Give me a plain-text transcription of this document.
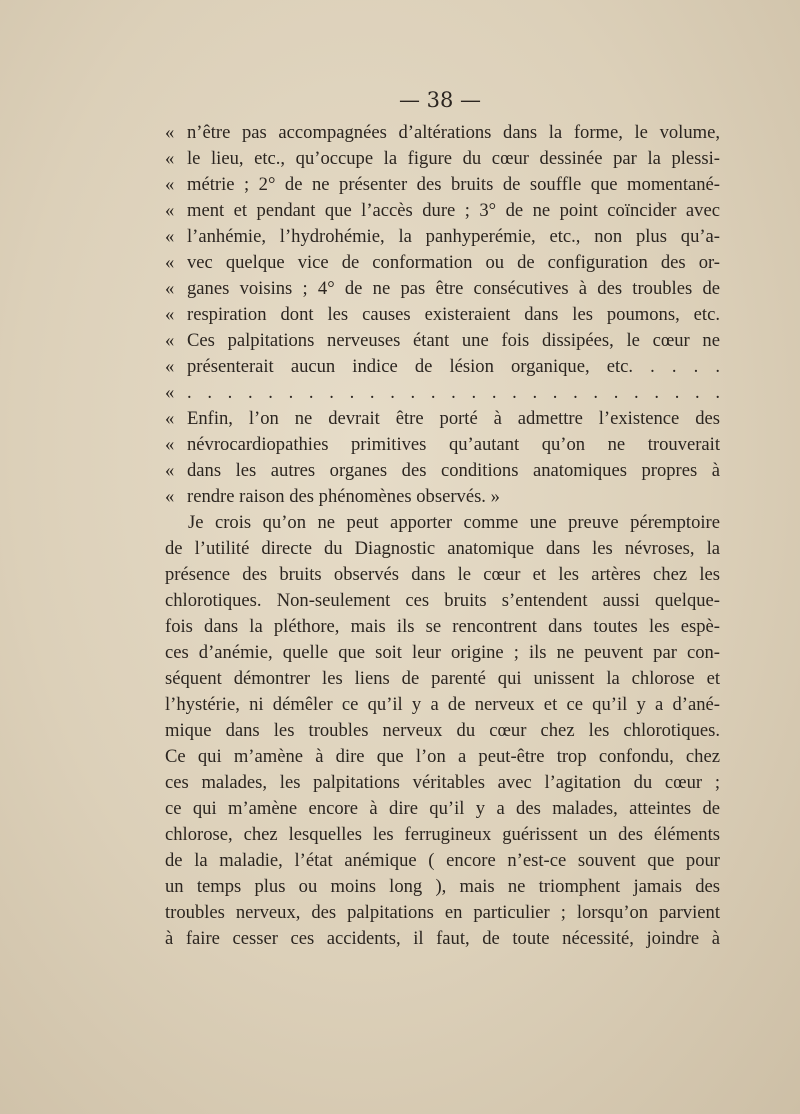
— 38 —
« n’être pas accompagnées d’altérations dans la forme, le volume,
« le lieu, etc., qu’occupe la figure du cœur dessinée par la plessi-
« métrie ; 2° de ne présenter des bruits de souffle que momentané-
« ment et pendant que l’accès dure ; 3° de ne point coïncider avec
« l’anhémie, l’hydrohémie, la panhyperémie, etc., non plus qu’a-
« vec quelque vice de conformation ou de configuration des or-
« ganes voisins ; 4° de ne pas être consécutives à des troubles de
« respiration dont les causes existeraient dans les poumons, etc.
« Ces palpitations nerveuses étant une fois dissipées, le cœur ne
« présenterait aucun indice de lésion organique, etc. . . . .
« . . . . . . . . . . . . . . . . . . . . . . . . . . .
« Enfin, l’on ne devrait être porté à admettre l’existence des
« névrocardiopathies primitives qu’autant qu’on ne trouverait
« dans les autres organes des conditions anatomiques propres à
« rendre raison des phénomènes observés. »
Je crois qu’on ne peut apporter comme une preuve péremptoire
de l’utilité directe du Diagnostic anatomique dans les névroses, la
présence des bruits observés dans le cœur et les artères chez les
chlorotiques. Non-seulement ces bruits s’entendent aussi quelque-
fois dans la pléthore, mais ils se rencontrent dans toutes les espè-
ces d’anémie, quelle que soit leur origine ; ils ne peuvent par con-
séquent démontrer les liens de parenté qui unissent la chlorose et
l’hystérie, ni démêler ce qu’il y a de nerveux et ce qu’il y a d’ané-
mique dans les troubles nerveux du cœur chez les chlorotiques.
Ce qui m’amène à dire que l’on a peut-être trop confondu, chez
ces malades, les palpitations véritables avec l’agitation du cœur ;
ce qui m’amène encore à dire qu’il y a des malades, atteintes de
chlorose, chez lesquelles les ferrugineux guérissent un des éléments
de la maladie, l’état anémique ( encore n’est-ce souvent que pour
un temps plus ou moins long ), mais ne triomphent jamais des
troubles nerveux, des palpitations en particulier ; lorsqu’on parvient
à faire cesser ces accidents, il faut, de toute nécessité, joindre à
